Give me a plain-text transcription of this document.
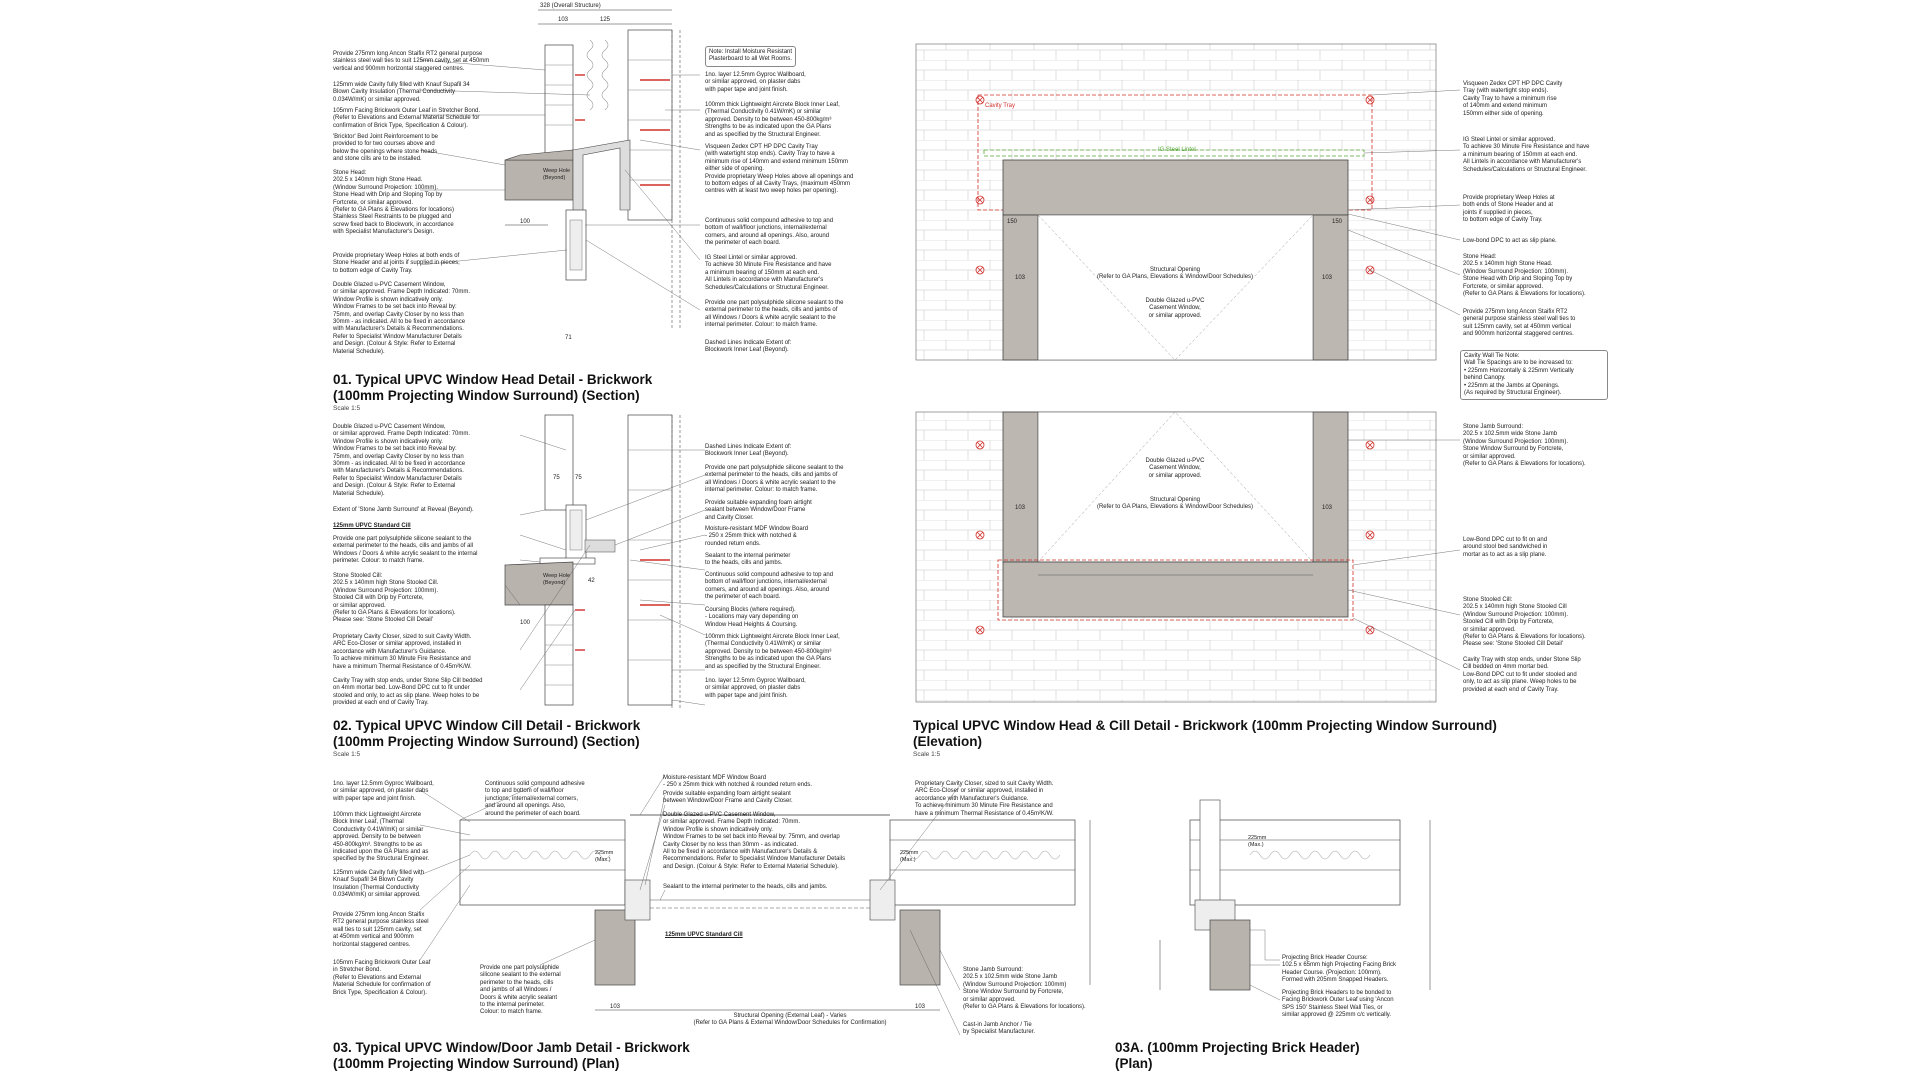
328 (Overall Structure)
103	125
100
71
Weep Hole
(Beyond)
Note: Install Moisture Resistant
Plasterboard to all Wet Rooms.
Provide 275mm long Ancon Staifix RT2 general purpose
stainless steel wall ties to suit 125mm cavity, set at 450mm
vertical and 900mm horizontal staggered centres.
125mm wide Cavity fully filled with Knauf Supafil 34
Blown Cavity Insulation (Thermal Conductivity
0.034W/mK) or similar approved.
105mm Facing Brickwork Outer Leaf in Stretcher Bond.
(Refer to Elevations and External Material Schedule for
confirmation of Brick Type, Specification & Colour).
'Bricktor' Bed Joint Reinforcement to be
provided to for two courses above and
below the openings where stone heads
and stone cills are to be installed.
Stone Head:
202.5 x 140mm high Stone Head.
(Window Surround Projection: 100mm).
Stone Head with Drip and Sloping Top by
Fortcrete, or similar approved.
(Refer to GA Plans & Elevations for locations)
Stainless Steel Restraints to be plugged and
screw fixed back to Blockwork, in accordance
with Specialist Manufacturer's Design.
Provide proprietary Weep Holes at both ends of
Stone Header and at joints if supplied in pieces,
to bottom edge of Cavity Tray.
Double Glazed u-PVC Casement Window,
or similar approved. Frame Depth Indicated: 70mm.
Window Profile is shown indicatively only.
Window Frames to be set back into Reveal by:
75mm, and overlap Cavity Closer by no less than
30mm - as indicated. All to be fixed in accordance
with Manufacturer's Details & Recommendations.
Refer to Specialist Window Manufacturer Details
and Design. (Colour & Style: Refer to External
Material Schedule).
1no. layer 12.5mm Gyproc Wallboard,
or similar approved, on plaster dabs
with paper tape and joint finish.
100mm thick Lightweight Aircrete Block Inner Leaf,
(Thermal Conductivity 0.41W/mK) or similar
approved. Density to be between 450-800kg/m³
Strengths to be as indicated upon the GA Plans
and as specified by the Structural Engineer.
Visqueen Zedex CPT HP DPC Cavity Tray
(with watertight stop ends). Cavity Tray to have a
minimum rise of 140mm and extend minimum 150mm
either side of opening.
Provide proprietary Weep Holes above all openings and
to bottom edges of all Cavity Trays, (maximum 450mm
centres with at least two weep holes per opening).
Continuous solid compound adhesive to top and
bottom of wall/floor junctions, internal/external
corners, and around all openings. Also, around
the perimeter of each board.
IG Steel Lintel or similar approved.
To achieve 30 Minute Fire Resistance and have
a minimum bearing of 150mm at each end.
All Lintels in accordance with Manufacturer's
Schedules/Calculations or Structural Engineer.
Provide one part polysulphide silicone sealant to the
external perimeter to the heads, cills and jambs of
all Windows / Doors & white acrylic sealant to the
internal perimeter. Colour: to match frame.
Dashed Lines Indicate Extent of:
Blockwork Inner Leaf (Beyond).
01. Typical UPVC Window Head Detail - Brickwork
(100mm Projecting Window Surround) (Section)
Scale 1:5
75	75
42
100
Weep Hole
(Beyond)
Double Glazed u-PVC Casement Window,
or similar approved. Frame Depth Indicated: 70mm.
Window Profile is shown indicatively only.
Window Frames to be set back into Reveal by:
75mm, and overlap Cavity Closer by no less than
30mm - as indicated. All to be fixed in accordance
with Manufacturer's Details & Recommendations.
Refer to Specialist Window Manufacturer Details
and Design. (Colour & Style: Refer to External
Material Schedule).
Extent of 'Stone Jamb Surround' at Reveal (Beyond).
125mm UPVC Standard Cill
Provide one part polysulphide silicone sealant to the
external perimeter to the heads, cills and jambs of all
Windows / Doors & white acrylic sealant to the internal
perimeter. Colour: to match frame.
Stone Stooled Cill:
202.5 x 140mm high Stone Stooled Cill.
(Window Surround Projection: 100mm).
Stooled Cill with Drip by Fortcrete,
or similar approved.
(Refer to GA Plans & Elevations for locations).
Please see: 'Stone Stooled Cill Detail'
Proprietary Cavity Closer, sized to suit Cavity Width.
ARC Eco-Closer or similar approved, installed in
accordance with Manufacturer's Guidance.
To achieve minimum 30 Minute Fire Resistance and
have a minimum Thermal Resistance of 0.45m²K/W.
Cavity Tray with stop ends, under Stone Slip Cill bedded
on 4mm mortar bed. Low-Bond DPC cut to fit under
stooled and only, to act as slip plane. Weep holes to be
provided at each end of Cavity Tray.
Dashed Lines Indicate Extent of:
Blockwork Inner Leaf (Beyond).
Provide one part polysulphide silicone sealant to the
external perimeter to the heads, cills and jambs of
all Windows / Doors & white acrylic sealant to the
internal perimeter. Colour: to match frame.
Provide suitable expanding foam airtight
sealant between Window/Door Frame
and Cavity Closer.
Moisture-resistant MDF Window Board
- 250 x 25mm thick with notched &
rounded return ends.
Sealant to the internal perimeter
to the heads, cills and jambs.
Continuous solid compound adhesive to top and
bottom of wall/floor junctions, internal/external
corners, and around all openings. Also, around
the perimeter of each board.
Coursing Blocks (where required).
- Locations may vary depending on
Window Head Heights & Coursing.
100mm thick Lightweight Aircrete Block Inner Leaf,
(Thermal Conductivity 0.41W/mK) or similar
approved. Density to be between 450-800kg/m³
Strengths to be as indicated upon the GA Plans
and as specified by the Structural Engineer.
1no. layer 12.5mm Gyproc Wallboard,
or similar approved, on plaster dabs
with paper tape and joint finish.
02. Typical UPVC Window Cill Detail - Brickwork
(100mm Projecting Window Surround) (Section)
Scale 1:5
Cavity Tray
IG Steel Lintel
150	150
103	103
Structural Opening
(Refer to GA Plans, Elevations & Window/Door Schedules)
Double Glazed u-PVC
Casement Window,
or similar approved.
Double Glazed u-PVC
Casement Window,
or similar approved.
Structural Opening
(Refer to GA Plans, Elevations & Window/Door Schedules)
103	103
Visqueen Zedex CPT HP DPC Cavity
Tray (with watertight stop ends).
Cavity Tray to have a minimum rise
of 140mm and extend minimum
150mm either side of opening.
IG Steel Lintel or similar approved.
To achieve 30 Minute Fire Resistance and have
a minimum bearing of 150mm at each end.
All Lintels in accordance with Manufacturer's
Schedules/Calculations or Structural Engineer.
Provide proprietary Weep Holes at
both ends of Stone Header and at
joints if supplied in pieces,
to bottom edge of Cavity Tray.
Low-bond DPC to act as slip plane.
Stone Head:
202.5 x 140mm high Stone Head.
(Window Surround Projection: 100mm).
Stone Head with Drip and Sloping Top by
Fortcrete, or similar approved.
(Refer to GA Plans & Elevations for locations).
Provide 275mm long Ancon Staifix RT2
general purpose stainless steel wall ties to
suit 125mm cavity, set at 450mm vertical
and 900mm horizontal staggered centres.
Cavity Wall Tie Note:
Wall Tie Spacings are to be increased to:
• 225mm Horizontally & 225mm Vertically
behind Canopy.
• 225mm at the Jambs at Openings.
(As required by Structural Engineer).
Stone Jamb Surround:
202.5 x 102.5mm wide Stone Jamb
(Window Surround Projection: 100mm).
Stone Window Surround by Fortcrete,
or similar approved.
(Refer to GA Plans & Elevations for locations).
Low-Bond DPC cut to fit on and
around stool bed sandwiched in
mortar as to act as a slip plane.
Stone Stooled Cill:
202.5 x 140mm high Stone Stooled Cill
(Window Surround Projection: 100mm).
Stooled Cill with Drip by Fortcrete,
or similar approved.
(Refer to GA Plans & Elevations for locations).
Please see: 'Stone Stooled Cill Detail'
Cavity Tray with stop ends, under Stone Slip
Cill bedded on 4mm mortar bed.
Low-Bond DPC cut to fit under stooled and
only, to act as slip plane. Weep holes to be
provided at each end of Cavity Tray.
Typical UPVC Window Head & Cill Detail - Brickwork (100mm Projecting Window Surround)
(Elevation)
Scale 1:5
1no. layer 12.5mm Gyproc Wallboard,
or similar approved, on plaster dabs
with paper tape and joint finish.
100mm thick Lightweight Aircrete
Block Inner Leaf, (Thermal
Conductivity 0.41W/mK) or similar
approved. Density to be between
450-800kg/m³. Strengths to be as
indicated upon the GA Plans and as
specified by the Structural Engineer.
125mm wide Cavity fully filled with
Knauf Supafil 34 Blown Cavity
Insulation (Thermal Conductivity
0.034W/mK) or similar approved.
Provide 275mm long Ancon Staifix
RT2 general purpose stainless steel
wall ties to suit 125mm cavity, set
at 450mm vertical and 900mm
horizontal staggered centres.
105mm Facing Brickwork Outer Leaf
in Stretcher Bond.
(Refer to Elevations and External
Material Schedule for confirmation of
Brick Type, Specification & Colour).
Continuous solid compound adhesive
to top and bottom of wall/floor
junctions, internal/external corners,
and around all openings. Also,
around the perimeter of each board.
Moisture-resistant MDF Window Board
- 250 x 25mm thick with notched & rounded return ends.
Provide suitable expanding foam airtight sealant
between Window/Door Frame and Cavity Closer.
Double Glazed u-PVC Casement Window,
or similar approved. Frame Depth Indicated: 70mm.
Window Profile is shown indicatively only.
Window Frames to be set back into Reveal by: 75mm, and overlap
Cavity Closer by no less than 30mm - as indicated.
All to be fixed in accordance with Manufacturer's Details &
Recommendations. Refer to Specialist Window Manufacturer Details
and Design. (Colour & Style: Refer to External Material Schedule).
Sealant to the internal perimeter to the heads, cills and jambs.
Provide one part polysulphide
silicone sealant to the external
perimeter to the heads, cills
and jambs of all Windows /
Doors & white acrylic sealant
to the internal perimeter.
Colour: to match frame.
Proprietary Cavity Closer, sized to suit Cavity Width.
ARC Eco-Closer or similar approved, installed in
accordance with Manufacturer's Guidance.
To achieve minimum 30 Minute Fire Resistance and
have a minimum Thermal Resistance of 0.45m²K/W.
Stone Jamb Surround:
202.5 x 102.5mm wide Stone Jamb
(Window Surround Projection: 100mm)
Stone Window Surround by Fortcrete,
or similar approved.
(Refer to GA Plans & Elevations for locations).
Cast-in Jamb Anchor / Tie
by Specialist Manufacturer.
125mm UPVC Standard Cill
Structural Opening (External Leaf) - Varies
(Refer to GA Plans & External Window/Door Schedules for Confirmation)
103	103
225mm
(Max.)
225mm
(Max.)
03. Typical UPVC Window/Door Jamb Detail - Brickwork
(100mm Projecting Window Surround) (Plan)
225mm
(Max.)
Projecting Brick Header Course:
102.5 x 65mm high Projecting Facing Brick
Header Course. (Projection: 100mm).
Formed with 205mm Snapped Headers.
Projecting Brick Headers to be bonded to
Facing Brickwork Outer Leaf using 'Ancon
SPS 150' Stainless Steel Wall Ties, or
similar approved @ 225mm c/c vertically.
03A. (100mm Projecting Brick Header)
(Plan)
